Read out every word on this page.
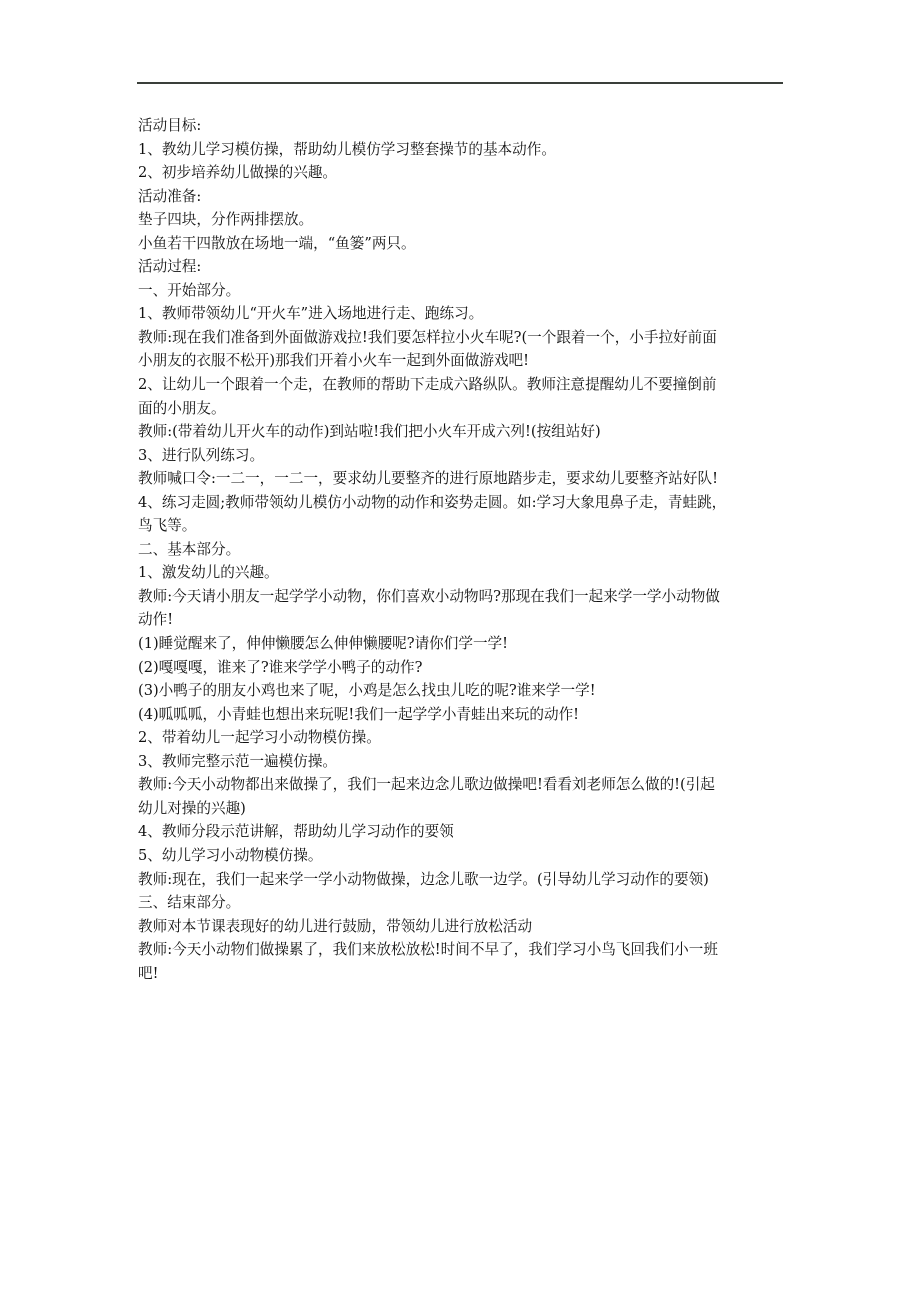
活动目标:
1、教幼儿学习模仿操，帮助幼儿模仿学习整套操节的基本动作。
2、初步培养幼儿做操的兴趣。
活动准备:
垫子四块，分作两排摆放。
小鱼若干四散放在场地一端，“鱼篓”两只。
活动过程:
一、开始部分。
1、教师带领幼儿“开火车”进入场地进行走、跑练习。
教师:现在我们准备到外面做游戏拉!我们要怎样拉小火车呢?(一个跟着一个，小手拉好前面
小朋友的衣服不松开)那我们开着小火车一起到外面做游戏吧!
2、让幼儿一个跟着一个走，在教师的帮助下走成六路纵队。教师注意提醒幼儿不要撞倒前
面的小朋友。
教师:(带着幼儿开火车的动作)到站啦!我们把小火车开成六列!(按组站好)
3、进行队列练习。
教师喊口令:一二一，一二一，要求幼儿要整齐的进行原地踏步走，要求幼儿要整齐站好队!
4、练习走圆;教师带领幼儿模仿小动物的动作和姿势走圆。如:学习大象甩鼻子走，青蛙跳，
鸟飞等。
二、基本部分。
1、激发幼儿的兴趣。
教师:今天请小朋友一起学学小动物，你们喜欢小动物吗?那现在我们一起来学一学小动物做
动作!
(1)睡觉醒来了，伸伸懒腰怎么伸伸懒腰呢?请你们学一学!
(2)嘎嘎嘎，谁来了?谁来学学小鸭子的动作?
(3)小鸭子的朋友小鸡也来了呢，小鸡是怎么找虫儿吃的呢?谁来学一学!
(4)呱呱呱，小青蛙也想出来玩呢!我们一起学学小青蛙出来玩的动作!
2、带着幼儿一起学习小动物模仿操。
3、教师完整示范一遍模仿操。
教师:今天小动物都出来做操了，我们一起来边念儿歌边做操吧!看看刘老师怎么做的!(引起
幼儿对操的兴趣)
4、教师分段示范讲解，帮助幼儿学习动作的要领
5、幼儿学习小动物模仿操。
教师:现在，我们一起来学一学小动物做操，边念儿歌一边学。(引导幼儿学习动作的要领)
三、结束部分。
教师对本节课表现好的幼儿进行鼓励，带领幼儿进行放松活动
教师:今天小动物们做操累了，我们来放松放松!时间不早了，我们学习小鸟飞回我们小一班
吧!
